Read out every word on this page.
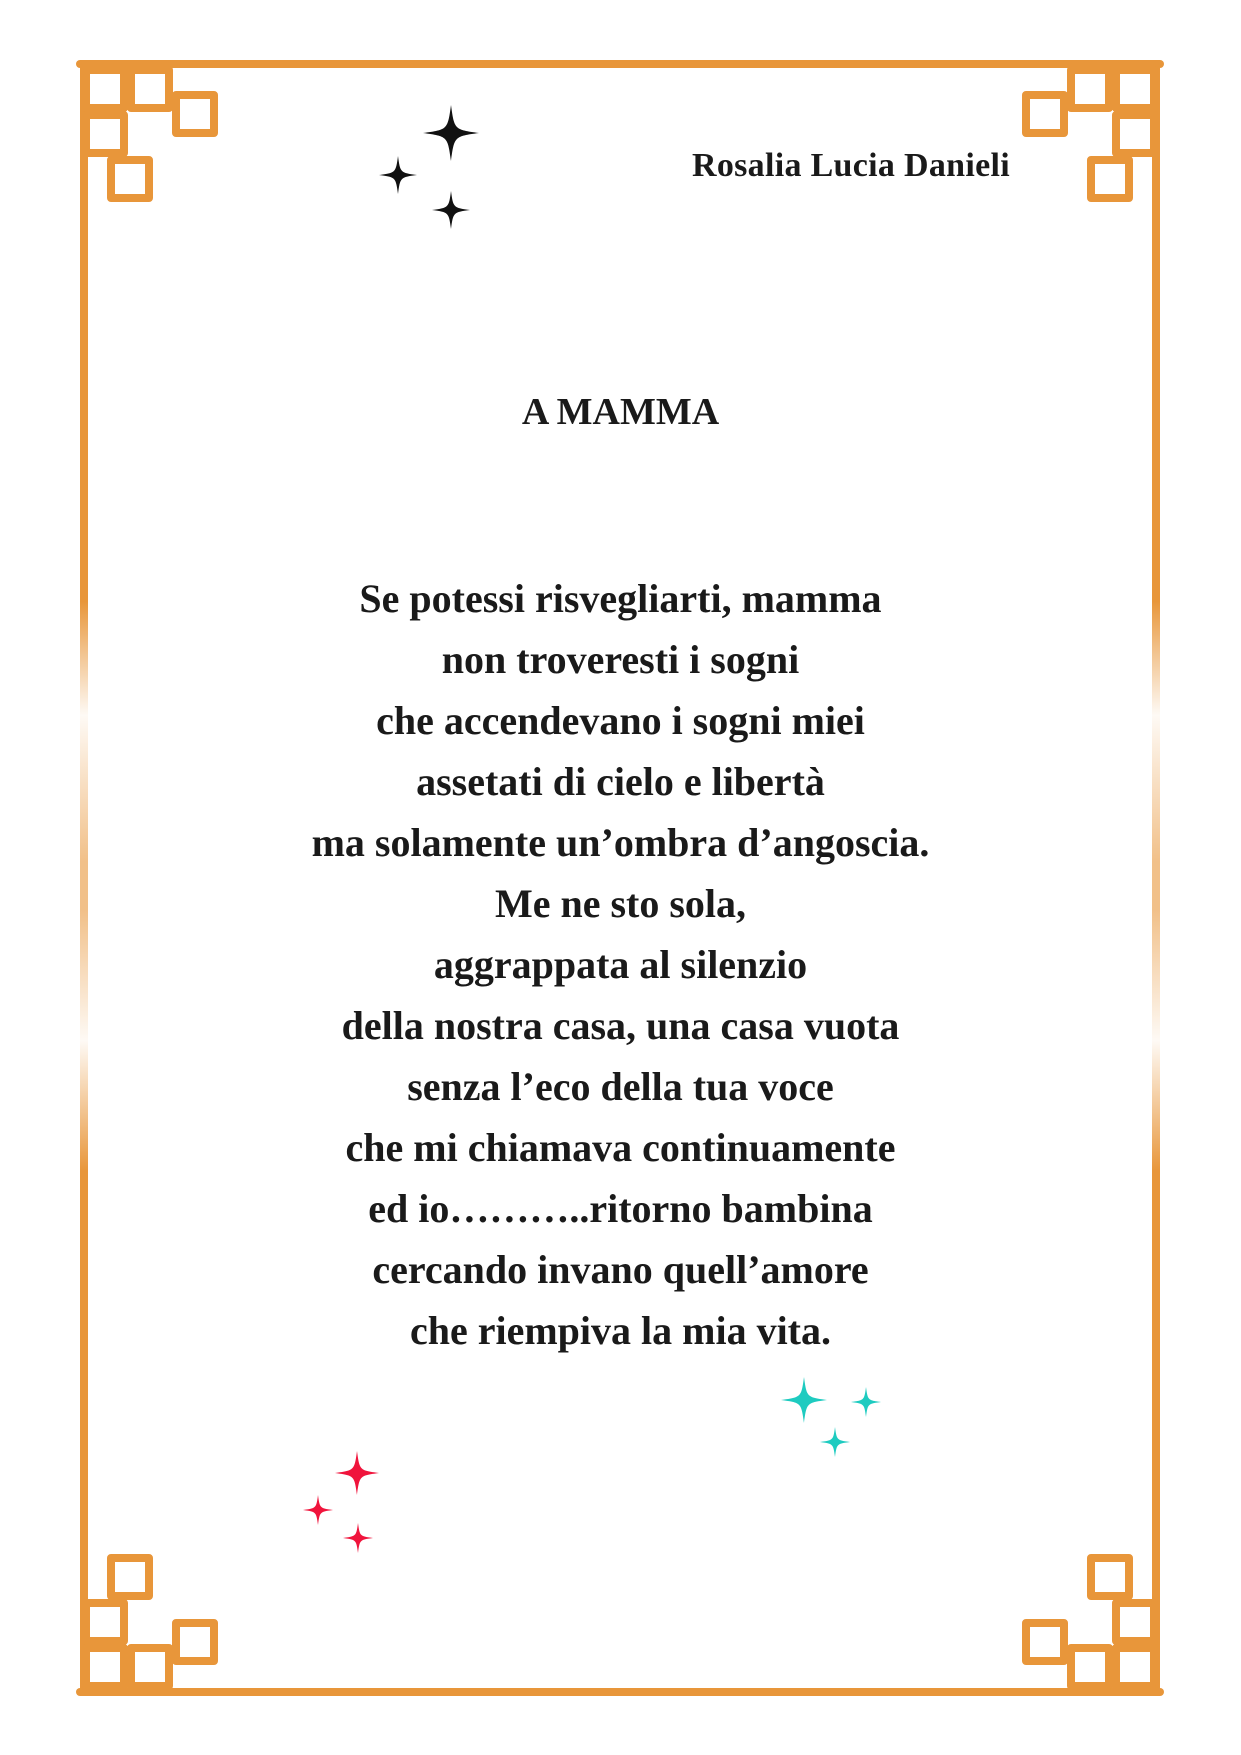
Rosalia Lucia Danieli

A MAMMA
Se potessi risvegliarti, mamma
non troveresti i sogni
che accendevano i sogni miei
assetati di cielo e libertà
ma solamente un’ombra d’angoscia.
Me ne sto sola,
aggrappata al silenzio
della nostra casa, una casa vuota
senza l’eco della tua voce
che mi chiamava continuamente
ed io………..ritorno bambina
cercando invano quell’amore
che riempiva la mia vita.
